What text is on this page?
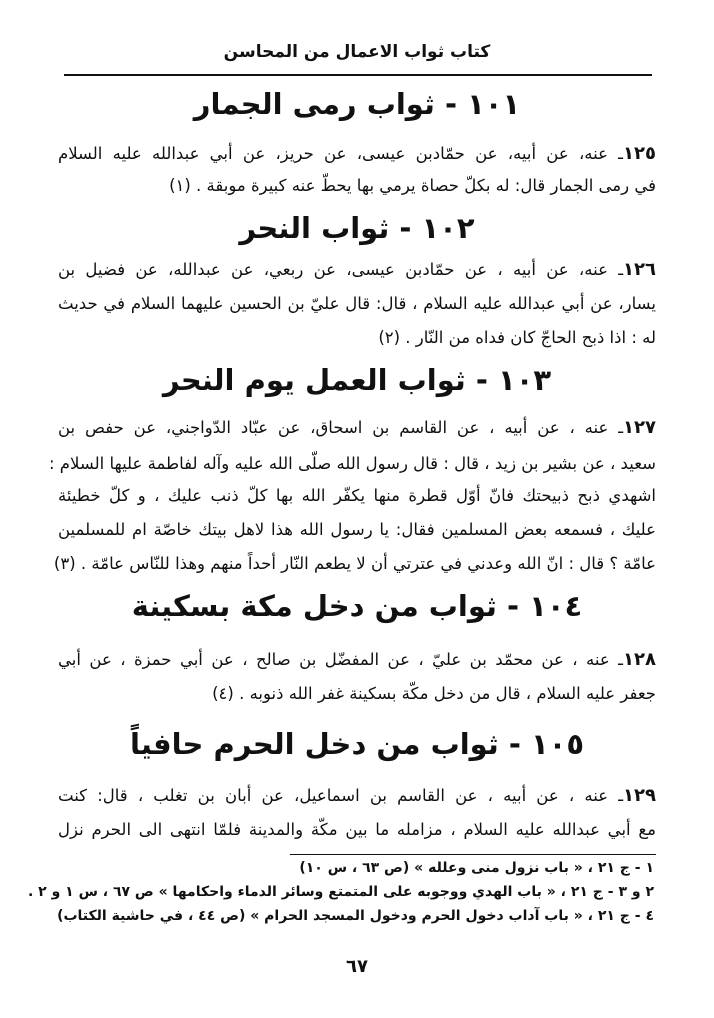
كتاب ثواب الاعمال من المحاسن
١٠١ - ثواب رمى الجمار
١٢٥ـ عنه، عن أبيه، عن حمّادبن عيسى، عن حريز، عن أبي عبدالله عليه السلام
في رمى الجمار قال: له بكلّ حصاة يرمي بها يحطّ عنه كبيرة موبقة . (١)
١٠٢ - ثواب النحر
١٢٦ـ عنه، عن أبيه ، عن حمّادبن عيسى، عن ربعي، عن عبدالله، عن فضيل بن
يسار، عن أبي عبدالله عليه السلام ، قال: قال عليّ بن الحسين عليهما السلام في حديث
له : اذا ذبح الحاجّ كان فداه من النّار . (٢)
١٠٣ - ثواب العمل يوم النحر
١٢٧ـ عنه ، عن أبيه ، عن القاسم بن اسحاق، عن عبّاد الدّواجني، عن حفص بن
سعيد ، عن بشير بن زيد ، قال : قال رسول الله صلّى الله عليه وآله لفاطمة عليها السلام :
اشهدي ذبح ذبيحتك فانّ أوّل قطرة منها يكفّر الله بها كلّ ذنب عليك ، و كلّ خطيئة
عليك ، فسمعه بعض المسلمين فقال: يا رسول الله هذا لاهل بيتك خاصّة ام للمسلمين
عامّة ؟ قال : انّ الله وعدني في عترتي أن لا يطعم النّار أحداً منهم وهذا للنّاس عامّة . (٣)
١٠٤ - ثواب من دخل مكة بسكينة
١٢٨ـ عنه ، عن محمّد بن عليّ ، عن المفضّل بن صالح ، عن أبي حمزة ، عن أبي
جعفر عليه السلام ، قال من دخل مكّة بسكينة غفر الله ذنوبه . (٤)
١٠٥ - ثواب من دخل الحرم حافياً
١٢٩ـ عنه ، عن أبيه ، عن القاسم بن اسماعيل، عن أبان بن تغلب ، قال: كنت
مع أبي عبدالله عليه السلام ، مزامله ما بين مكّة والمدينة فلمّا انتهى الى الحرم نزل
١ - ج ٢١ ، « باب نزول منى وعلله » (ص ٦٣ ، س ١٠)
٢ و ٣ - ج ٢١ ، « باب الهدي ووجوبه على المتمتع وسائر الدماء واحكامها » ص ٦٧ ، س ١ و ٢ .
٤ - ج ٢١ ، « باب آداب دخول الحرم ودخول المسجد الحرام » (ص ٤٤ ، في حاشية الكتاب)
٦٧
